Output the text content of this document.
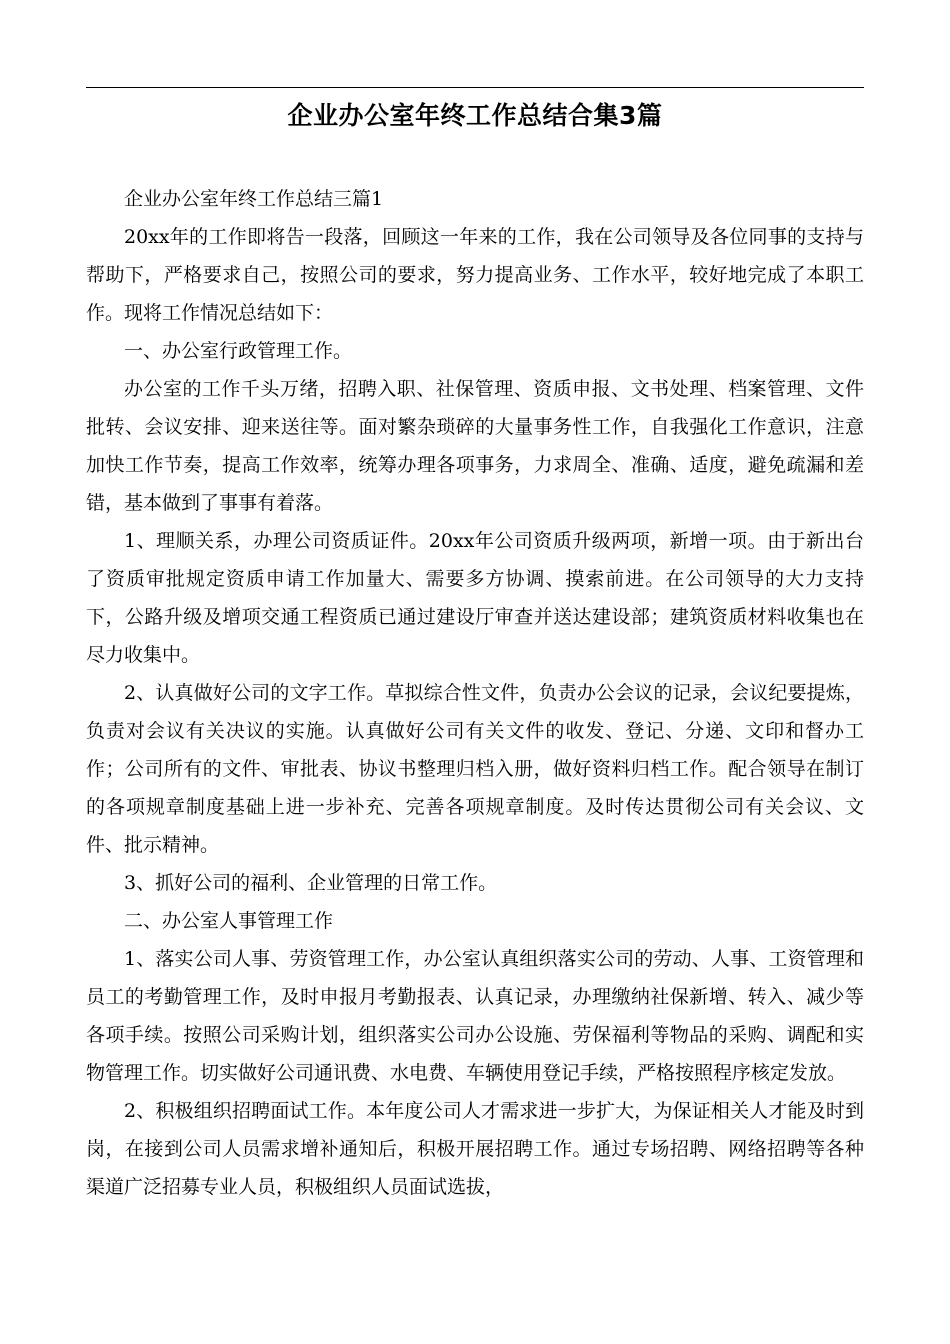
企业办公室年终工作总结合集3篇

企业办公室年终工作总结三篇1

20xx年的工作即将告一段落，回顾这一年来的工作，我在公司领导及各位同事的支持与帮助下，严格要求自己，按照公司的要求，努力提高业务、工作水平，较好地完成了本职工作。现将工作情况总结如下：

一、办公室行政管理工作。

办公室的工作千头万绪，招聘入职、社保管理、资质申报、文书处理、档案管理、文件批转、会议安排、迎来送往等。面对繁杂琐碎的大量事务性工作，自我强化工作意识，注意加快工作节奏，提高工作效率，统筹办理各项事务，力求周全、准确、适度，避免疏漏和差错，基本做到了事事有着落。

1、理顺关系，办理公司资质证件。20xx年公司资质升级两项，新增一项。由于新出台了资质审批规定资质申请工作加量大、需要多方协调、摸索前进。在公司领导的大力支持下，公路升级及增项交通工程资质已通过建设厅审查并送达建设部；建筑资质材料收集也在尽力收集中。

2、认真做好公司的文字工作。草拟综合性文件，负责办公会议的记录，会议纪要提炼，负责对会议有关决议的实施。认真做好公司有关文件的收发、登记、分递、文印和督办工作；公司所有的文件、审批表、协议书整理归档入册，做好资料归档工作。配合领导在制订的各项规章制度基础上进一步补充、完善各项规章制度。及时传达贯彻公司有关会议、文件、批示精神。

3、抓好公司的福利、企业管理的日常工作。

二、办公室人事管理工作

1、落实公司人事、劳资管理工作，办公室认真组织落实公司的劳动、人事、工资管理和员工的考勤管理工作，及时申报月考勤报表、认真记录，办理缴纳社保新增、转入、减少等各项手续。按照公司采购计划，组织落实公司办公设施、劳保福利等物品的采购、调配和实物管理工作。切实做好公司通讯费、水电费、车辆使用登记手续，严格按照程序核定发放。

2、积极组织招聘面试工作。本年度公司人才需求进一步扩大，为保证相关人才能及时到岗，在接到公司人员需求增补通知后，积极开展招聘工作。通过专场招聘、网络招聘等各种渠道广泛招募专业人员，积极组织人员面试选拔，
